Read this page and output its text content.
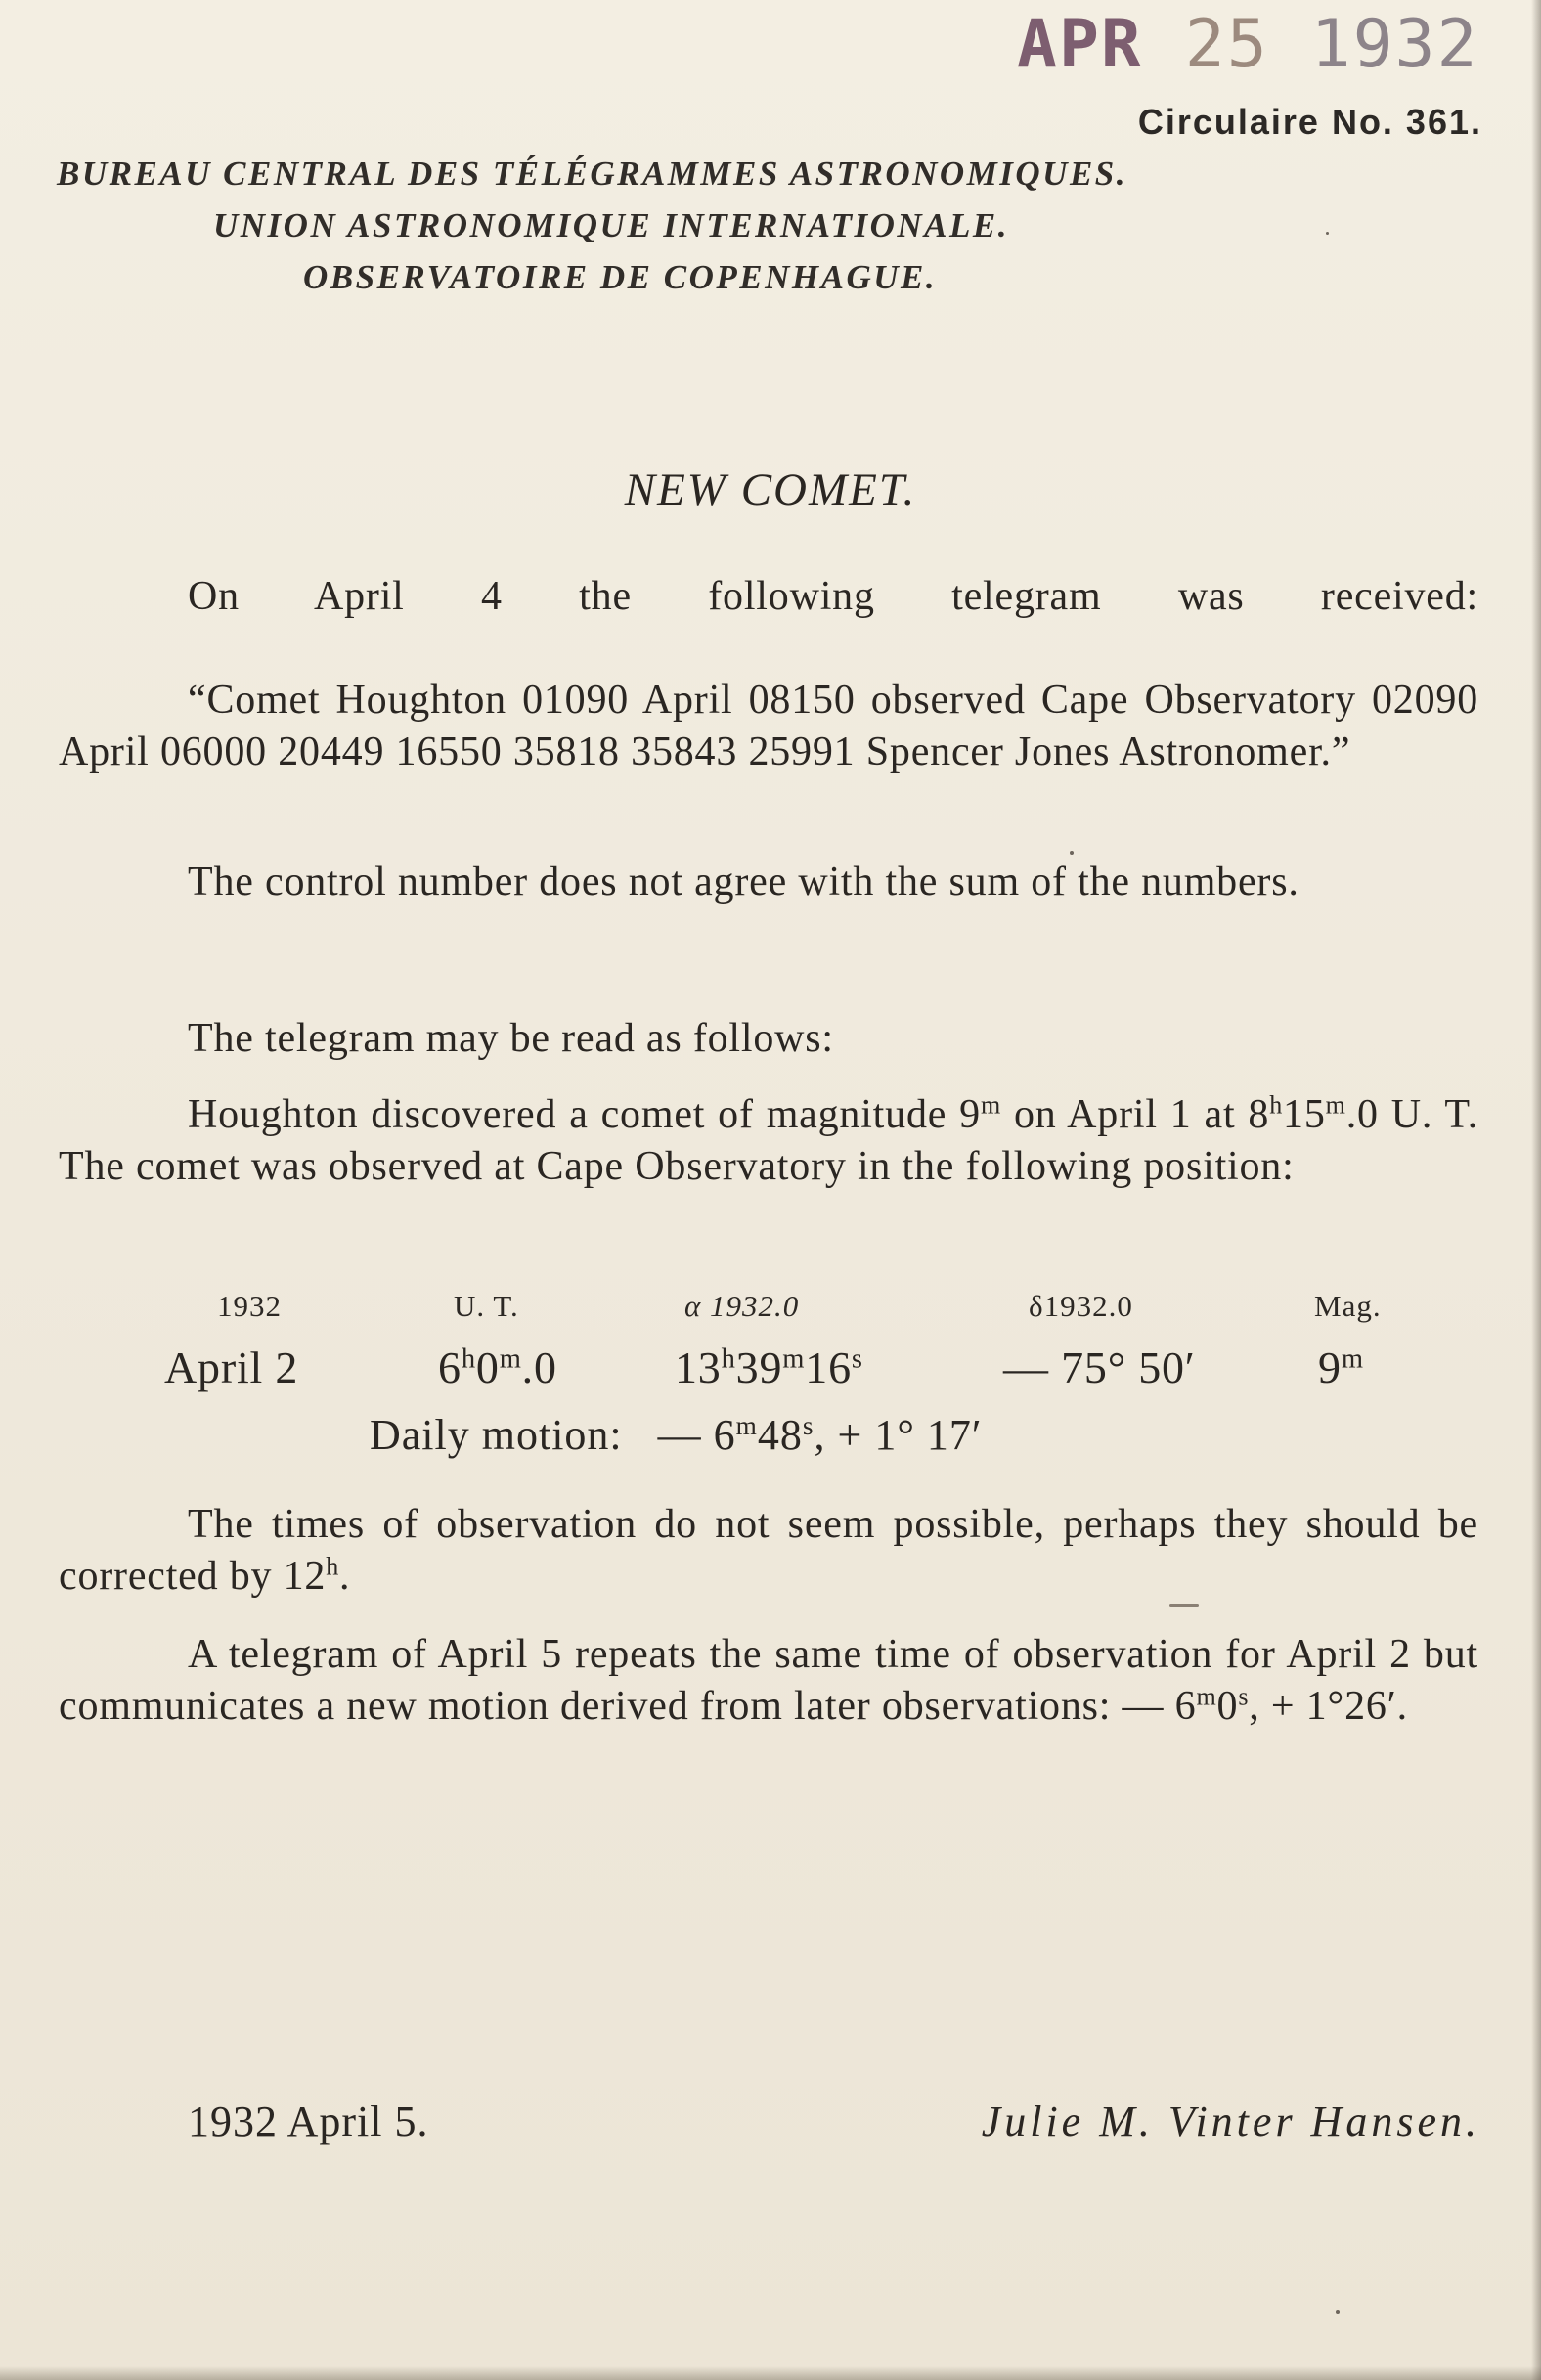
APR 25 1932
Circulaire No. 361.
BUREAU CENTRAL DES TÉLÉGRAMMES ASTRONOMIQUES.
UNION ASTRONOMIQUE INTERNATIONALE.
OBSERVATOIRE DE COPENHAGUE.
NEW COMET.

On April 4 the following telegram was received:

“Comet Houghton 01090 April 08150 observed Cape Observatory 02090 April 06000 20449 16550 35818 35843 25991 Spencer Jones Astronomer.”

The control number does not agree with the sum of the numbers.

The telegram may be read as follows:

Houghton discovered a comet of magnitude 9$^m$ on April 1 at 8$^h$15$^m$.0 U. T. The comet was observed at Cape Observatory in the following position:

1932	U. T.	α 1932.0	δ1932.0	Mag.
April 2	6$^h$0$^m$.0	13$^h$39$^m$16$^s$	— 75° 50′	9$^m$
Daily motion: — $6^m48^s$, + 1° 17′

The times of observation do not seem possible, perhaps they should be corrected by 12$^h$.

A telegram of April 5 repeats the same time of observation for April 2 but communicates a new motion derived from later observations: — $6^m0^s$, + 1°26′.

1932 April 5.	Julie M. Vinter Hansen.
